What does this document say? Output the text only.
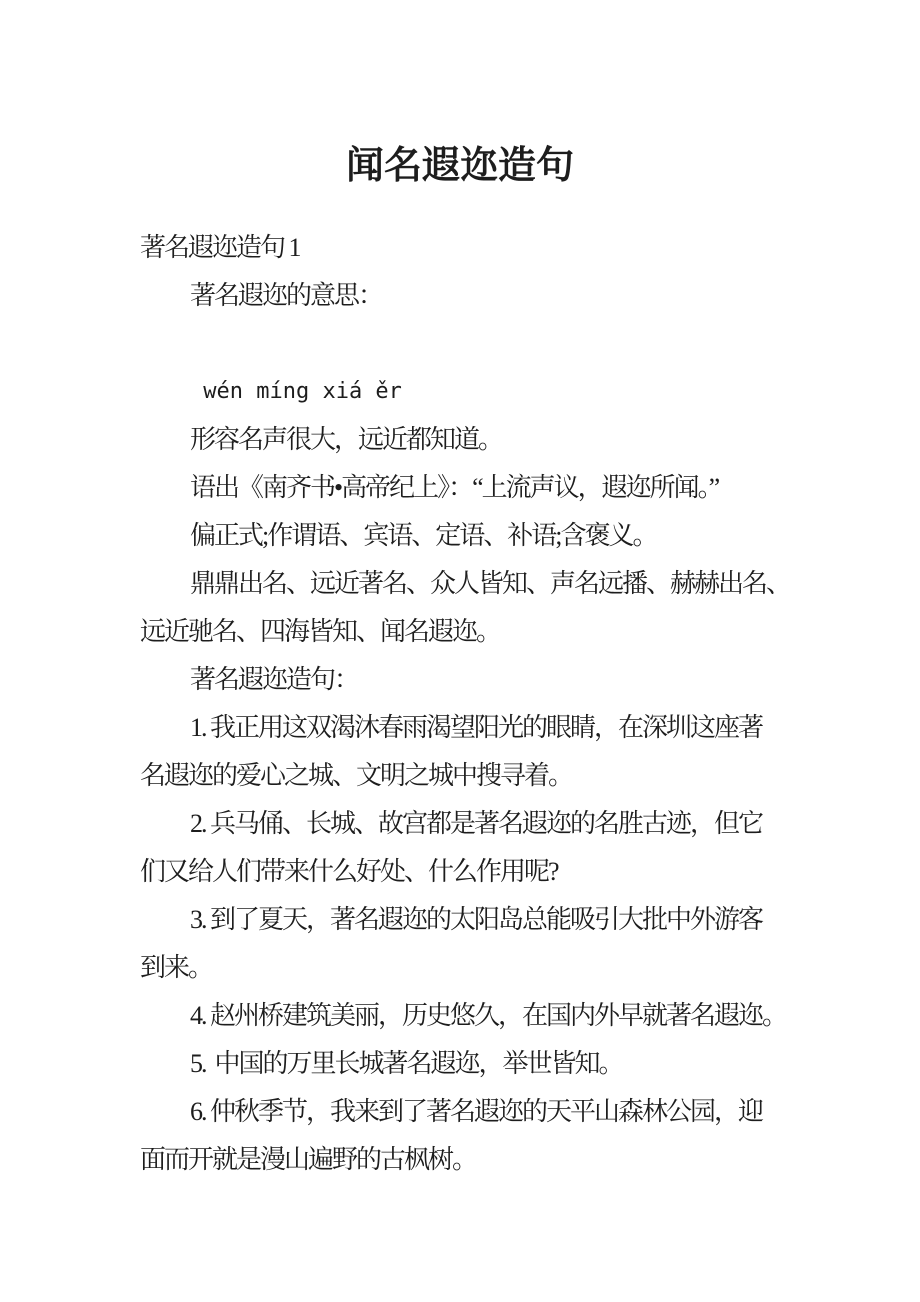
闻名遐迩造句
著名遐迩造句 1
著名遐迩的意思：
wén míng xiá ěr
形容名声很大，远近都知道。
语出《南齐书•高帝纪上》：“上流声议，遐迩所闻。”
偏正式;作谓语、宾语、定语、补语;含褒义。
鼎鼎出名、远近著名、众人皆知、声名远播、赫赫出名、
远近驰名、四海皆知、闻名遐迩。
著名遐迩造句：
1. 我正用这双渴沐春雨渴望阳光的眼睛，在深圳这座著
名遐迩的爱心之城、文明之城中搜寻着。
2. 兵马俑、长城、故宫都是著名遐迩的名胜古迹，但它
们又给人们带来什么好处、什么作用呢?
3. 到了夏天，著名遐迩的太阳岛总能吸引大批中外游客
到来。
4. 赵州桥建筑美丽，历史悠久，在国内外早就著名遐迩。
5.  中国的万里长城著名遐迩，举世皆知。
6. 仲秋季节，我来到了著名遐迩的天平山森林公园，迎
面而开就是漫山遍野的古枫树。
